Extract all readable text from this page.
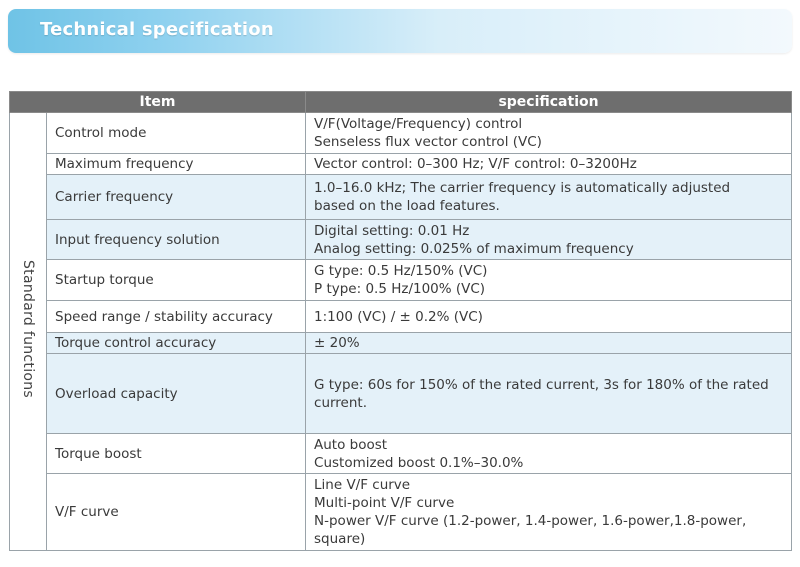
Technical specification
Item		specification
Standard functions	Control mode	V/F(Voltage/Frequency) control
Senseless flux vector control (VC)

	Maximum frequency	Vector control: 0–300 Hz; V/F control: 0–3200Hz

	Carrier frequency	1.0–16.0 kHz; The carrier frequency is automatically adjusted
based on the load features.

	Input frequency solution	Digital setting: 0.01 Hz
Analog setting: 0.025% of maximum frequency

	Startup torque	G type: 0.5 Hz/150% (VC)
P type: 0.5 Hz/100% (VC)

	Speed range / stability accuracy	1:100 (VC) / ± 0.2% (VC)

	Torque control accuracy	± 20%

	Overload capacity	G type: 60s for 150% of the rated current, 3s for 180% of the rated
current.

	Torque boost	Auto boost
Customized boost 0.1%–30.0%

	V/F curve	Line V/F curve
Multi-point V/F curve
N-power V/F curve (1.2-power, 1.4-power, 1.6-power,1.8-power,
square)
